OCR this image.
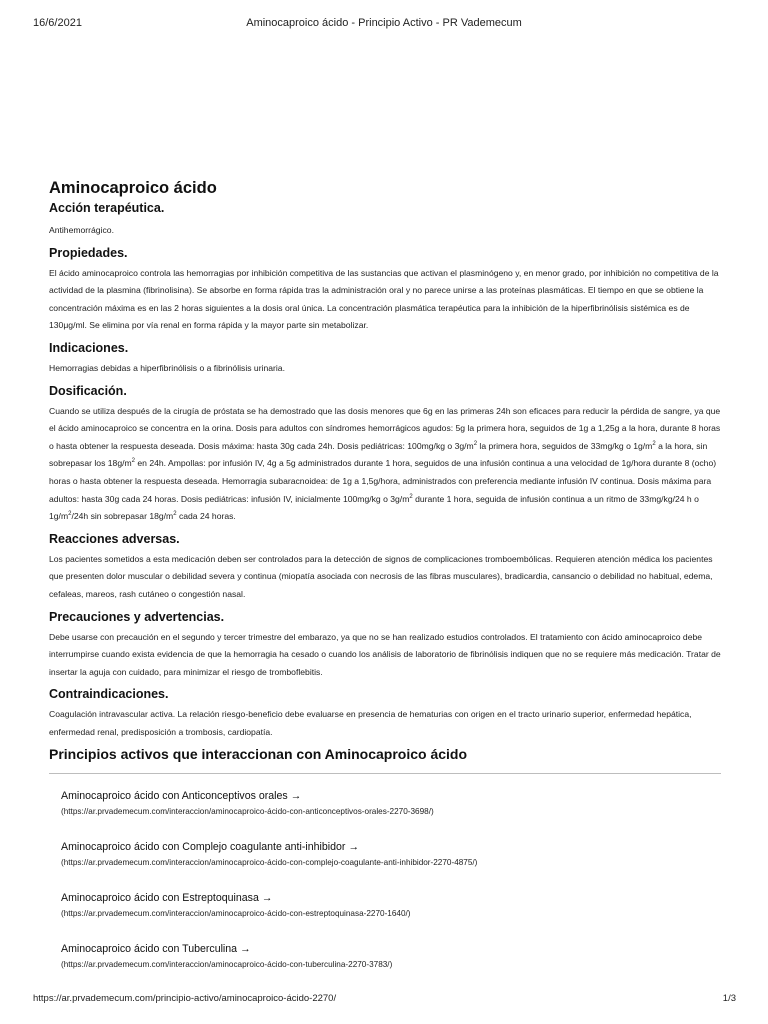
16/6/2021	Aminocaproico ácido - Principio Activo - PR Vademecum
Aminocaproico ácido
Acción terapéutica.

Antihemorrágico.

Propiedades.

El ácido aminocaproico controla las hemorragias por inhibición competitiva de las sustancias que activan el plasminógeno y, en menor grado, por inhibición no competitiva de la actividad de la plasmina (fibrinolisina). Se absorbe en forma rápida tras la administración oral y no parece unirse a las proteínas plasmáticas. El tiempo en que se obtiene la concentración máxima es en las 2 horas siguientes a la dosis oral única. La concentración plasmática terapéutica para la inhibición de la hiperfibrinólisis sistémica es de 130μg/ml. Se elimina por vía renal en forma rápida y la mayor parte sin metabolizar.

Indicaciones.

Hemorragias debidas a hiperfibrinólisis o a fibrinólisis urinaria.

Dosificación.

Cuando se utiliza después de la cirugía de próstata se ha demostrado que las dosis menores que 6g en las primeras 24h son eficaces para reducir la pérdida de sangre, ya que el ácido aminocaproico se concentra en la orina. Dosis para adultos con síndromes hemorrágicos agudos: 5g la primera hora, seguidos de 1g a 1,25g a la hora, durante 8 horas o hasta obtener la respuesta deseada. Dosis máxima: hasta 30g cada 24h. Dosis pediátricas: 100mg/kg o $3g/m^2$ la primera hora, seguidos de 33mg/kg o $1g/m^2$ a la hora, sin sobrepasar los $18g/m^2$ en 24h. Ampollas: por infusión IV, 4g a 5g administrados durante 1 hora, seguidos de una infusión continua a una velocidad de 1g/hora durante 8 (ocho) horas o hasta obtener la respuesta deseada. Hemorragia subaracnoidea: de 1g a 1,5g/hora, administrados con preferencia mediante infusión IV continua. Dosis máxima para adultos: hasta 30g cada 24 horas. Dosis pediátricas: infusión IV, inicialmente 100mg/kg o $3g/m^2$ durante 1 hora, seguida de infusión continua a un ritmo de 33mg/kg/24 h o $1g/m^2/24h$ sin sobrepasar $18g/m^2$ cada 24 horas.

Reacciones adversas.

Los pacientes sometidos a esta medicación deben ser controlados para la detección de signos de complicaciones tromboembólicas. Requieren atención médica los pacientes que presenten dolor muscular o debilidad severa y continua (miopatía asociada con necrosis de las fibras musculares), bradicardia, cansancio o debilidad no habitual, edema, cefaleas, mareos, rash cutáneo o congestión nasal.

Precauciones y advertencias.

Debe usarse con precaución en el segundo y tercer trimestre del embarazo, ya que no se han realizado estudios controlados. El tratamiento con ácido aminocaproico debe interrumpirse cuando exista evidencia de que la hemorragia ha cesado o cuando los análisis de laboratorio de fibrinólisis indiquen que no se requiere más medicación. Tratar de insertar la aguja con cuidado, para minimizar el riesgo de tromboflebitis.

Contraindicaciones.

Coagulación intravascular activa. La relación riesgo-beneficio debe evaluarse en presencia de hematurias con origen en el tracto urinario superior, enfermedad hepática, enfermedad renal, predisposición a trombosis, cardiopatía.

Principios activos que interaccionan con Aminocaproico ácido
Aminocaproico ácido con Anticonceptivos orales →
(https://ar.prvademecum.com/interaccion/aminocaproico-ácido-con-anticonceptivos-orales-2270-3698/)
Aminocaproico ácido con Complejo coagulante anti-inhibidor →
(https://ar.prvademecum.com/interaccion/aminocaproico-ácido-con-complejo-coagulante-anti-inhibidor-2270-4875/)
Aminocaproico ácido con Estreptoquinasa →
(https://ar.prvademecum.com/interaccion/aminocaproico-ácido-con-estreptoquinasa-2270-1640/)
Aminocaproico ácido con Tuberculina →
(https://ar.prvademecum.com/interaccion/aminocaproico-ácido-con-tuberculina-2270-3783/)
https://ar.prvademecum.com/principio-activo/aminocaproico-ácido-2270/	1/3
